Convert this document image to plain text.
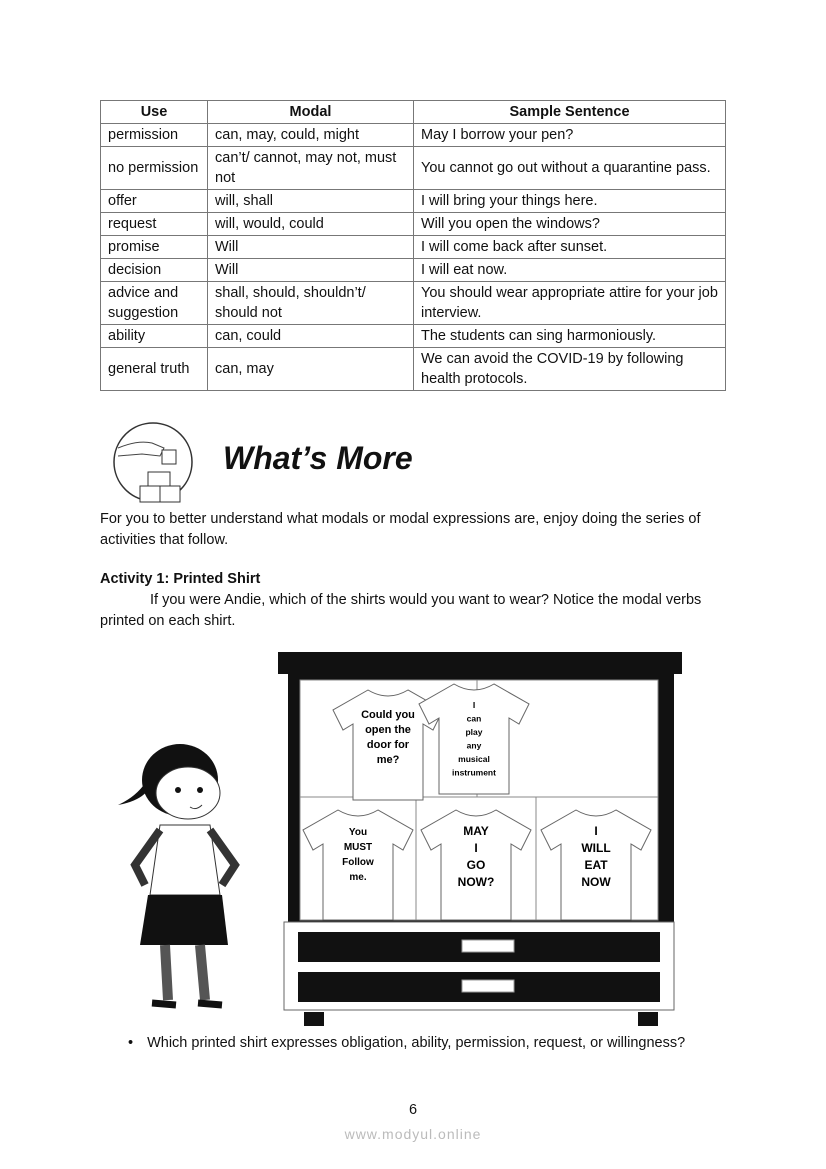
Use	Modal	Sample Sentence
permission	can, may, could, might	May I borrow your pen?
no permission	can’t/ cannot, may not, must not	You cannot go out without a quarantine pass.
offer	will, shall	I will bring your things here.
request	will, would, could	Will you open the windows?
promise	Will	I will come back after sunset.
decision	Will	I will eat now.
advice and suggestion	shall, should, shouldn’t/ should not	You should wear appropriate attire for your job interview.
ability	can, could	The students can sing harmoniously.
general truth	can, may	We can avoid the COVID-19 by following health protocols.
What’s More
For you to better understand what modals or modal expressions are, enjoy doing the series of activities that follow.
Activity 1: Printed Shirt
If you were Andie, which of the shirts would you want to wear? Notice the modal verbs printed on each shirt.
Could you
open the
door for
me?
I
can
play
any
musical
instrument
You
MUST
Follow
me.
MAY
I
GO
NOW?
I
WILL
EAT
NOW
• Which printed shirt expresses obligation, ability, permission, request, or willingness?
6
www.modyul.online
